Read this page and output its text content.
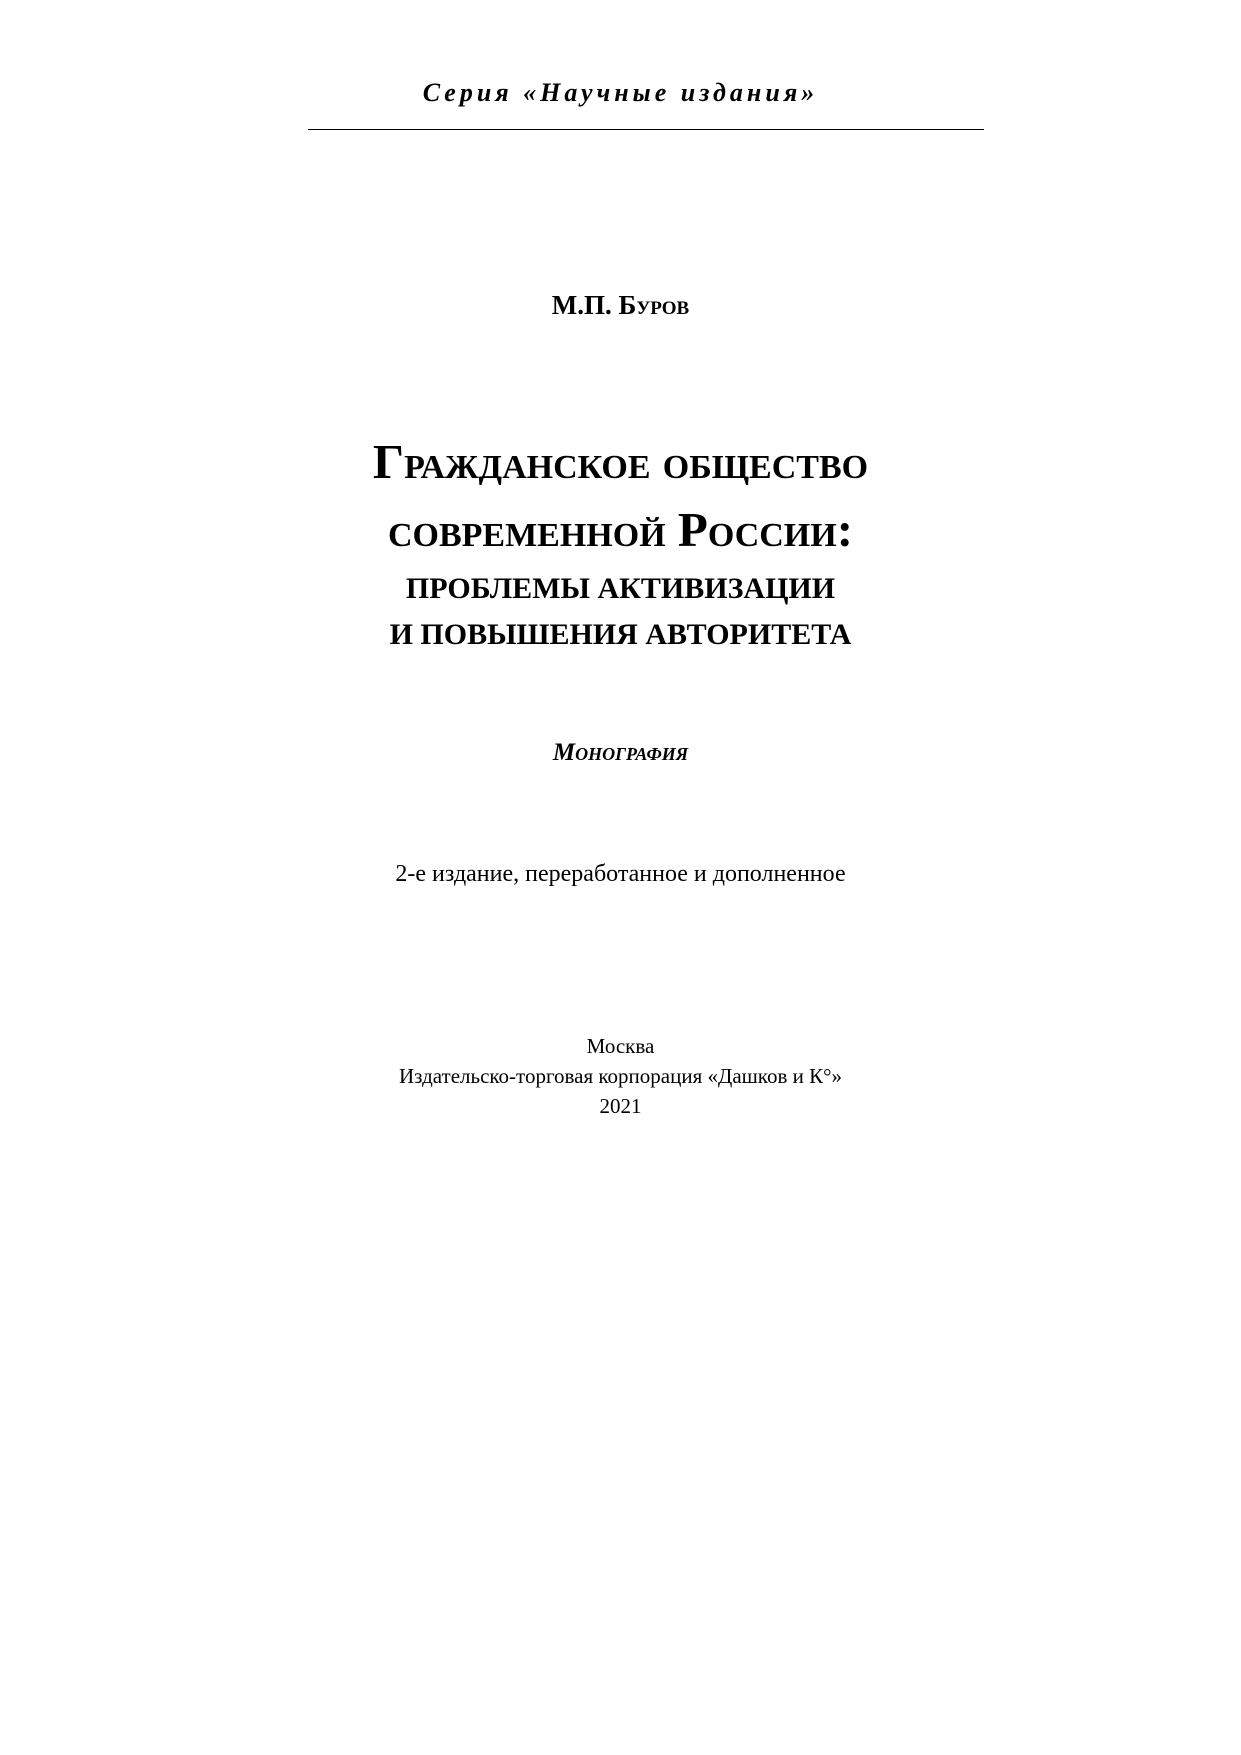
Серия «Научные издания»
М.П. Буров
Гражданское общество
современной России:
ПРОБЛЕМЫ АКТИВИЗАЦИИ
И ПОВЫШЕНИЯ АВТОРИТЕТА
Монография
2-е издание, переработанное и дополненное
Москва
Издательско-торговая корпорация «Дашков и К°»
2021
